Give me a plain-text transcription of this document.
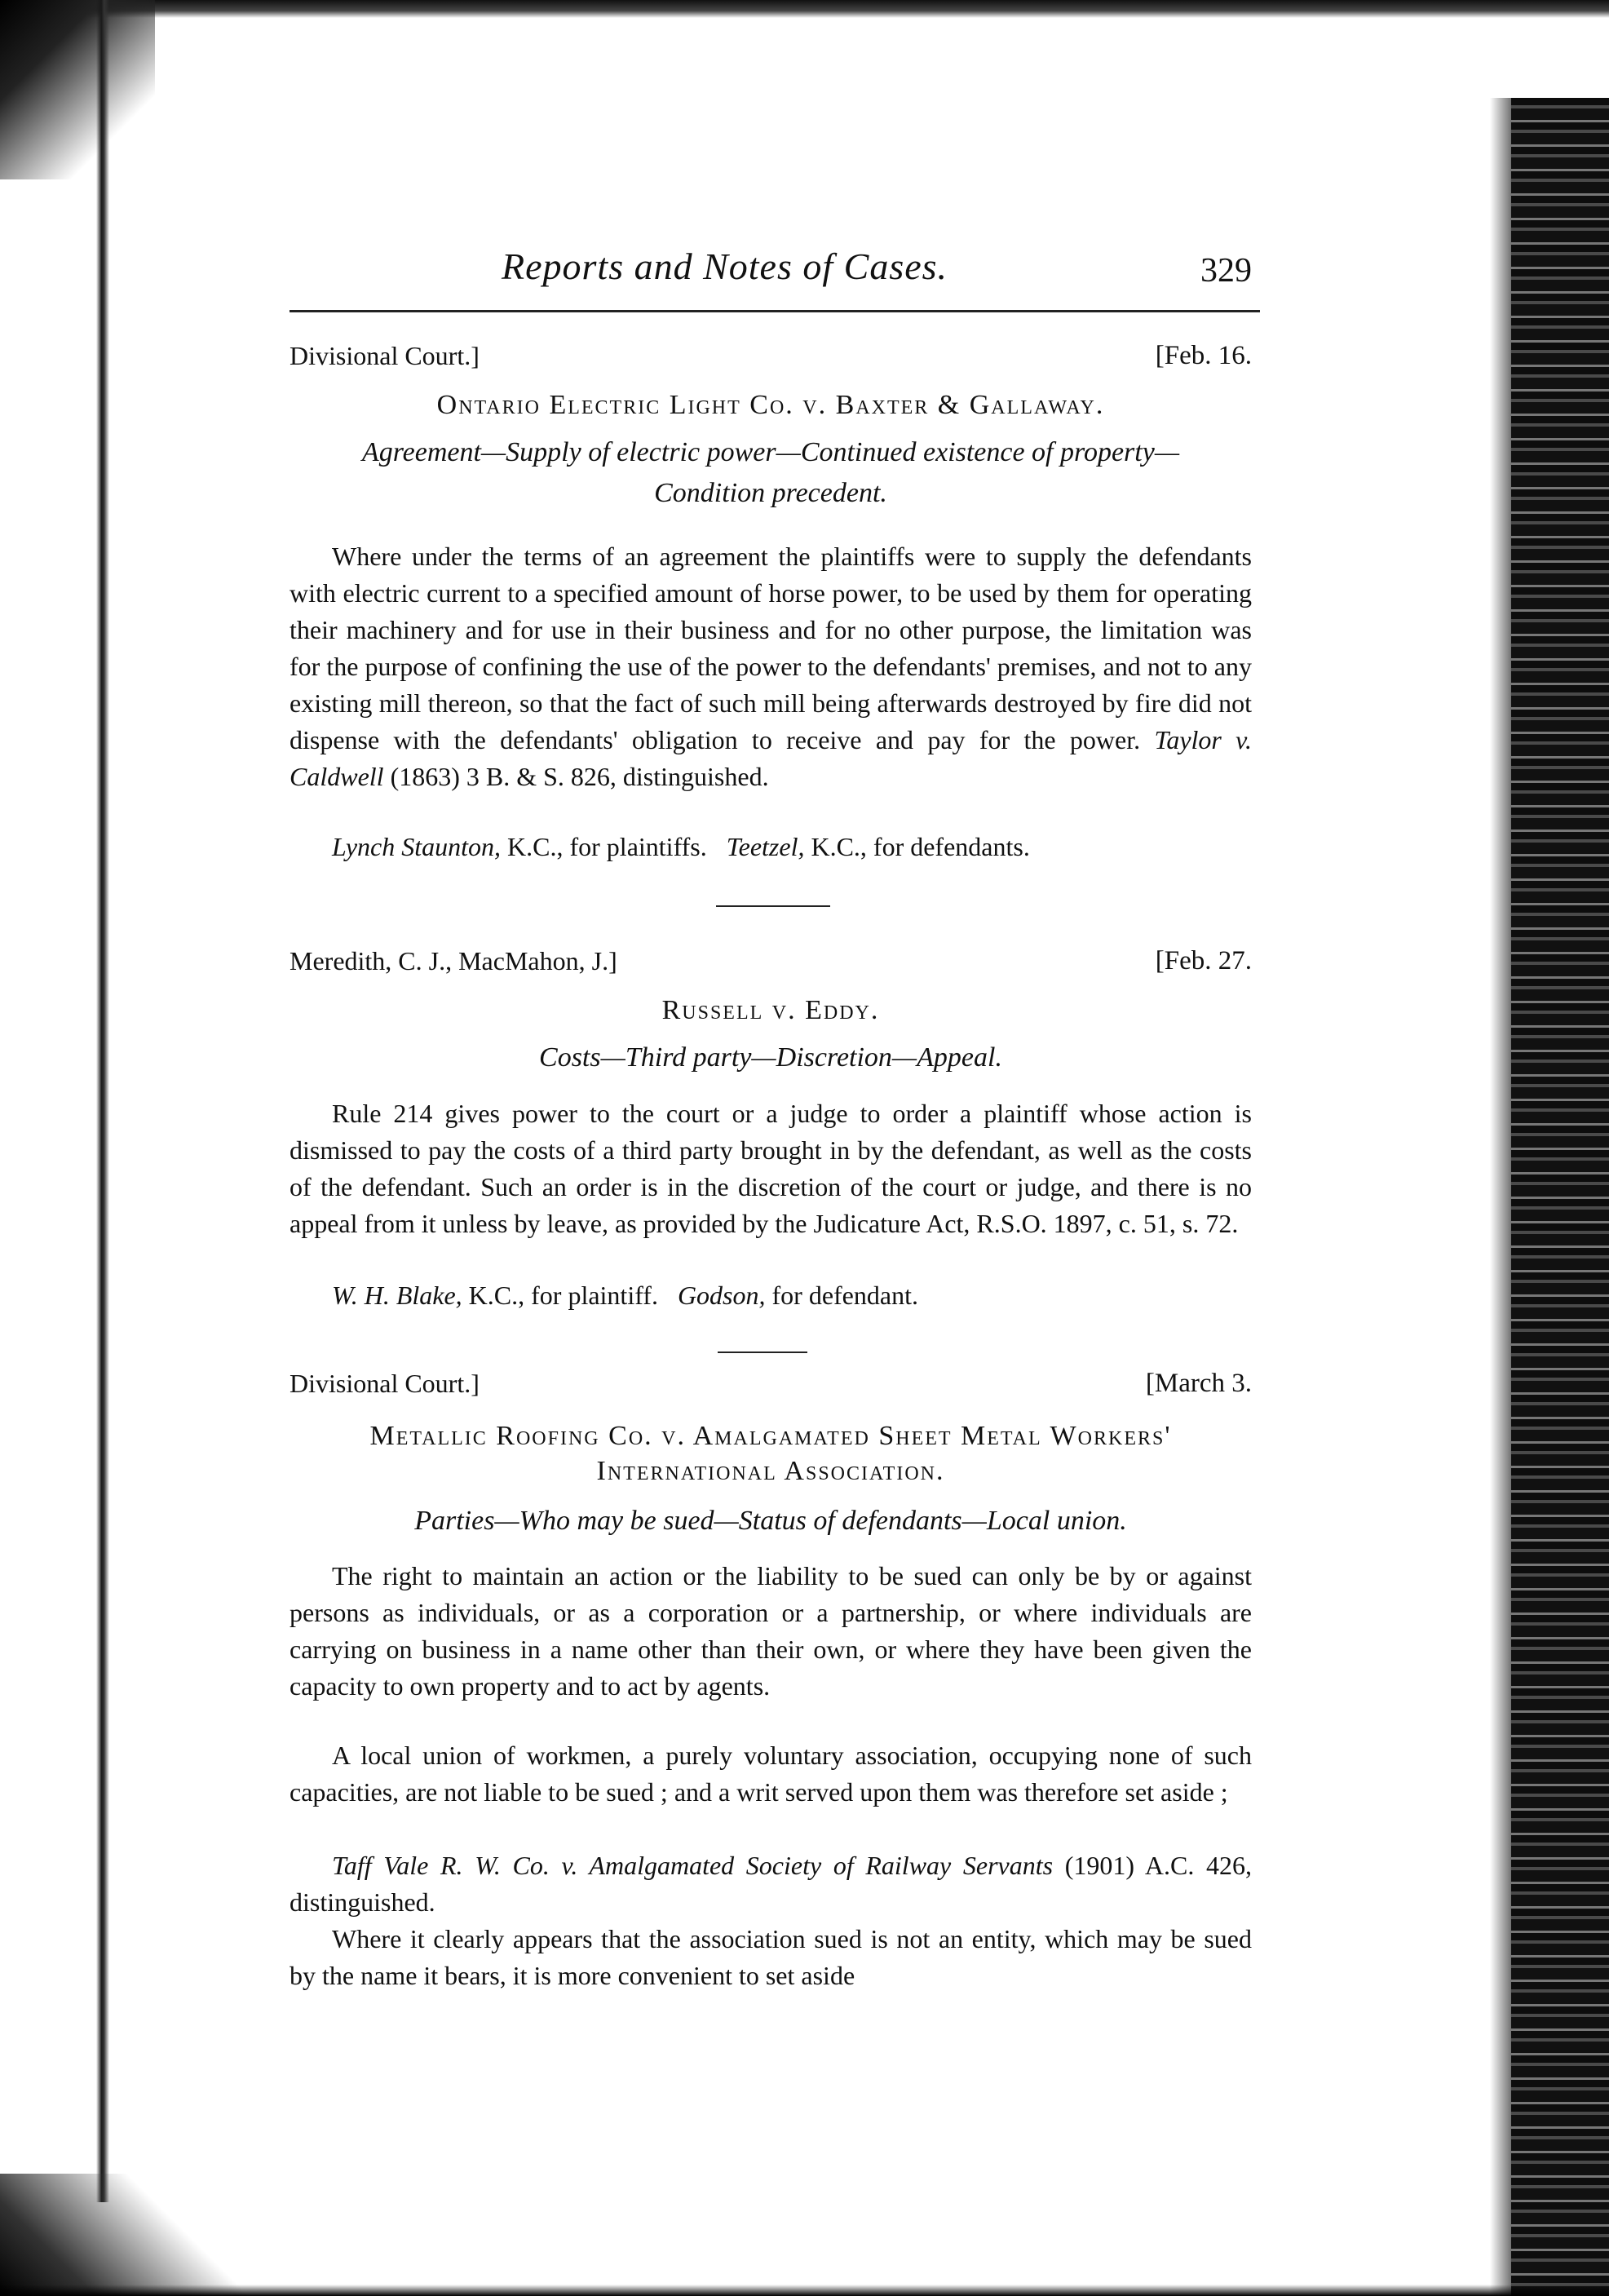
Reports and Notes of Cases.	329
Divisional Court.]	[Feb. 16.
Ontario Electric Light Co. v. Baxter & Gallaway.
Agreement—Supply of electric power—Continued existence of property—
Condition precedent.
Where under the terms of an agreement the plaintiffs were to supply the defendants with electric current to a specified amount of horse power, to be used by them for operating their machinery and for use in their business and for no other purpose, the limitation was for the purpose of confining the use of the power to the defendants' premises, and not to any existing mill thereon, so that the fact of such mill being afterwards destroyed by fire did not dispense with the defendants' obligation to receive and pay for the power. Taylor v. Caldwell (1863) 3 B. & S. 826, distinguished.
Lynch Staunton, K.C., for plaintiffs. Teetzel, K.C., for defendants.
Meredith, C. J., MacMahon, J.]	[Feb. 27.
Russell v. Eddy.
Costs—Third party—Discretion—Appeal.
Rule 214 gives power to the court or a judge to order a plaintiff whose action is dismissed to pay the costs of a third party brought in by the defendant, as well as the costs of the defendant. Such an order is in the discretion of the court or judge, and there is no appeal from it unless by leave, as provided by the Judicature Act, R.S.O. 1897, c. 51, s. 72.
W. H. Blake, K.C., for plaintiff. Godson, for defendant.
Divisional Court.]	[March 3.
Metallic Roofing Co. v. Amalgamated Sheet Metal Workers'
International Association.
Parties—Who may be sued—Status of defendants—Local union.
The right to maintain an action or the liability to be sued can only be by or against persons as individuals, or as a corporation or a partnership, or where individuals are carrying on business in a name other than their own, or where they have been given the capacity to own property and to act by agents.
A local union of workmen, a purely voluntary association, occupying none of such capacities, are not liable to be sued ; and a writ served upon them was therefore set aside ;
Taff Vale R. W. Co. v. Amalgamated Society of Railway Servants (1901) A.C. 426, distinguished.
Where it clearly appears that the association sued is not an entity, which may be sued by the name it bears, it is more convenient to set aside
